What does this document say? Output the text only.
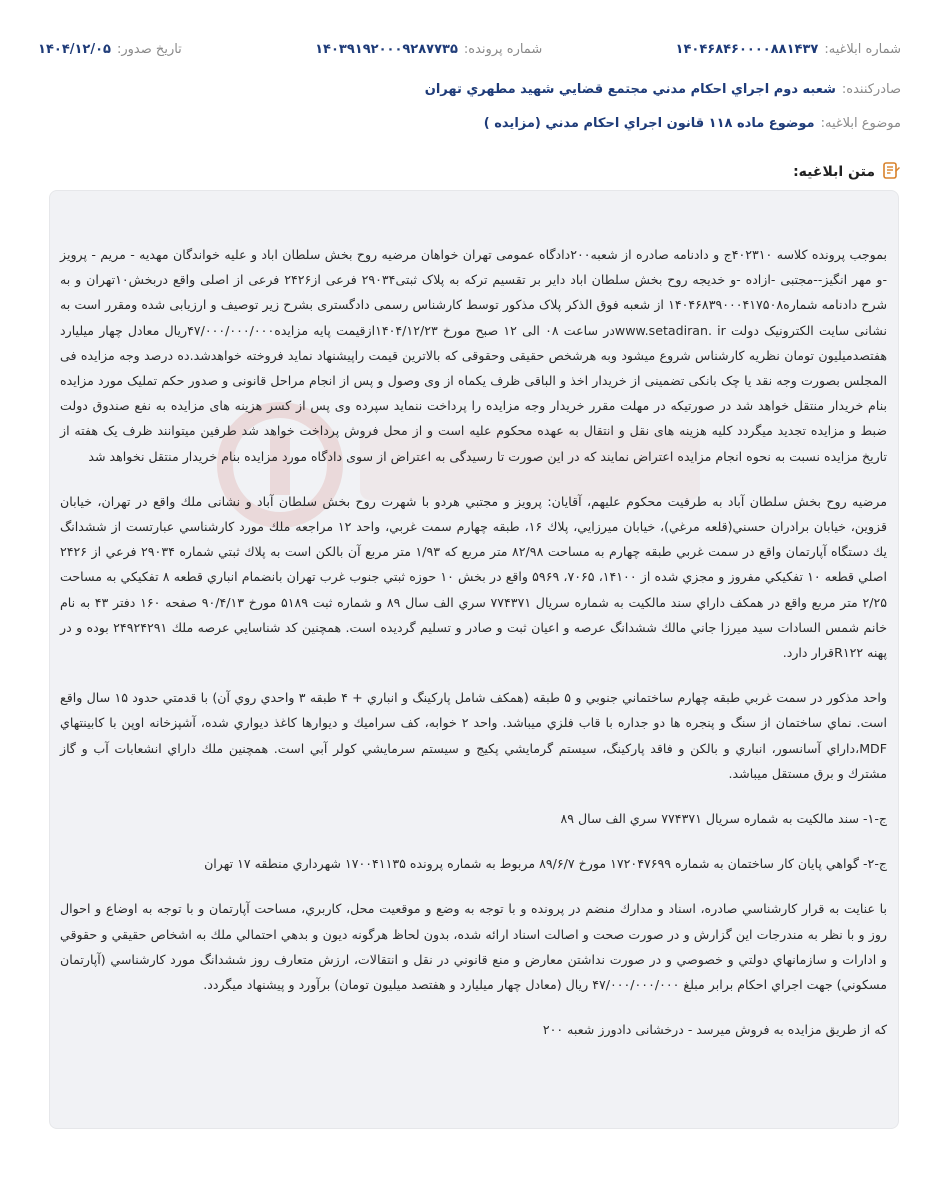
شماره ابلاغیه:
۱۴۰۴۶۸۴۶۰۰۰۰۸۸۱۴۳۷
شماره پرونده:
۱۴۰۳۹۱۹۲۰۰۰۹۲۸۷۷۳۵
تاریخ صدور:
۱۴۰۴/۱۲/۰۵
صادرکننده:
شعبه دوم اجراي احكام مدني مجتمع قضايي شهيد مطهري تهران
موضوع ابلاغیه:
موضوع ماده ۱۱۸ قانون اجراي احكام مدني (مزايده )
متن ابلاغیه:

بموجب پرونده کلاسه ۴۰۲۳۱۰ج و دادنامه صادره از شعبه۲۰۰دادگاه عمومی تهران خواهان مرضیه روح بخش سلطان اباد و علیه خواندگان مهدیه - مریم - پرویز -و مهر انگیز--مجتبی -ازاده -و خدیجه روح بخش سلطان اباد دایر بر تقسیم ترکه به پلاک ثبتی۲۹۰۳۴ فرعی از۲۴۲۶ فرعی از اصلی واقع دربخش۱۰تهران و به شرح دادنامه شماره۱۴۰۴۶۸۳۹۰۰۰۴۱۷۵۰۸ از شعبه فوق الذکر پلاک مذکور توسط کارشناس رسمی دادگستری بشرح زیر توصیف و ارزیابی شده ومقرر است به نشانی سایت الکترونیک دولت www.setadiran. irدر ساعت ۰۸ الی ۱۲ صبح مورخ ۱۴۰۴/۱۲/۲۳ازقیمت پایه مزایده۴۷/۰۰۰/۰۰۰/۰۰۰ریال معادل چهار میلیارد هفتصدمیلیون تومان نظریه کارشناس شروع میشود وبه هرشخص حقیقی وحقوقی که بالاترین قیمت راپیشنهاد نماید فروخته خواهدشد.ده درصد وجه مزایده فی المجلس بصورت وجه نقد یا چک بانکی تضمینی از خریدار اخذ و الباقی ظرف یکماه از وی وصول و پس از انجام مراحل قانونی و صدور حکم تملیک مورد مزایده بنام خریدار منتقل خواهد شد در صورتیکه در مهلت مقرر خریدار وجه مزایده را پرداخت ننماید سپرده وی پس از کسر هزینه های مزایده به نفع صندوق دولت ضبط و مزایده تجدید میگردد کلیه هزینه های نقل و انتقال به عهده محکوم علیه است و از محل فروش پرداخت خواهد شد طرفین میتوانند ظرف یک هفته از تاریخ مزایده نسبت به نحوه انجام مزایده اعتراض نمایند که در این صورت تا رسیدگی به اعتراض از سوی دادگاه مورد مزایده بنام خریدار منتقل نخواهد شد

مرضيه روح بخش سلطان آباد به طرفيت محكوم عليهم، آقايان: پرويز و مجتبي هردو با شهرت روح بخش سلطان آباد و نشانی ملك واقع در تهران، خيابان قزوين، خيابان برادران حسني(قلعه مرغي)، خيابان ميرزايي، پلاك ۱۶، طبقه چهارم سمت غربي، واحد ۱۲ مراجعه ملك مورد كارشناسي عبارتست از ششدانگ يك دستگاه آپارتمان واقع در سمت غربي طبقه چهارم به مساحت ۸۲/۹۸ متر مربع كه ۱/۹۳ متر مربع آن بالكن است به پلاك ثبتي شماره ۲۹۰۳۴ فرعي از ۲۴۲۶ اصلي قطعه ۱۰ تفكيكي مفروز و مجزي شده از ۱۴۱۰۰، ۷۰۶۵، ۵۹۶۹ واقع در بخش ۱۰ حوزه ثبتي جنوب غرب تهران بانضمام انباري قطعه ۸ تفكيكي به مساحت ۲/۲۵ متر مربع واقع در همكف داراي سند مالكيت به شماره سريال ۷۷۴۳۷۱ سري الف سال ۸۹ و شماره ثبت ۵۱۸۹ مورخ ۹۰/۴/۱۳ صفحه ۱۶۰ دفتر ۴۳ به نام خانم شمس السادات سيد ميرزا جاني مالك ششدانگ عرصه و اعيان ثبت و صادر و تسليم گرديده است. همچنين كد شناسايي عرصه ملك ۲۴۹۲۴۲۹۱ بوده و در پهنه R۱۲۲قرار دارد.

واحد مذكور در سمت غربي طبقه چهارم ساختماني جنوبي و ۵ طبقه (همكف شامل پاركينگ و انباري + ۴ طبقه ۳ واحدي روي آن) با قدمتي حدود ۱۵ سال واقع است. نماي ساختمان از سنگ و پنجره ها دو جداره با قاب فلزي ميباشد. واحد ۲ خوابه، كف سراميك و ديوارها كاغذ ديواري شده، آشپزخانه اوپن با كابينتهاي MDF،داراي آسانسور، انباري و بالكن و فاقد پاركينگ، سيستم گرمايشي پكيج و سيستم سرمايشي كولر آبي است. همچنين ملك داراي انشعابات آب و گاز مشترك و برق مستقل ميباشد.

ج-۱- سند مالكيت به شماره سريال ۷۷۴۳۷۱ سري الف سال ۸۹

ج-۲- گواهي پايان كار ساختمان به شماره ۱۷۲۰۴۷۶۹۹ مورخ ۸۹/۶/۷ مربوط به شماره پرونده ۱۷۰۰۴۱۱۳۵ شهرداري منطقه ۱۷ تهران

با عنايت به قرار كارشناسي صادره، اسناد و مدارك منضم در پرونده و با توجه به وضع و موقعيت محل، كاربري، مساحت آپارتمان و با توجه به اوضاع و احوال روز و با نظر به مندرجات اين گزارش و در صورت صحت و اصالت اسناد ارائه شده، بدون لحاظ هرگونه ديون و بدهي احتمالي ملك به اشخاص حقيقي و حقوقي و ادارات و سازمانهاي دولتي و خصوصي و در صورت نداشتن معارض و منع قانوني در نقل و انتقالات، ارزش متعارف روز ششدانگ مورد كارشناسي (آپارتمان مسكوني) جهت اجراي احكام برابر مبلغ ۴۷/۰۰۰/۰۰۰/۰۰۰ ريال (معادل چهار ميليارد و هفتصد ميليون تومان) برآورد و پيشنهاد ميگردد.

که از طریق مزایده به فروش میرسد - درخشانی دادورز شعبه ۲۰۰
